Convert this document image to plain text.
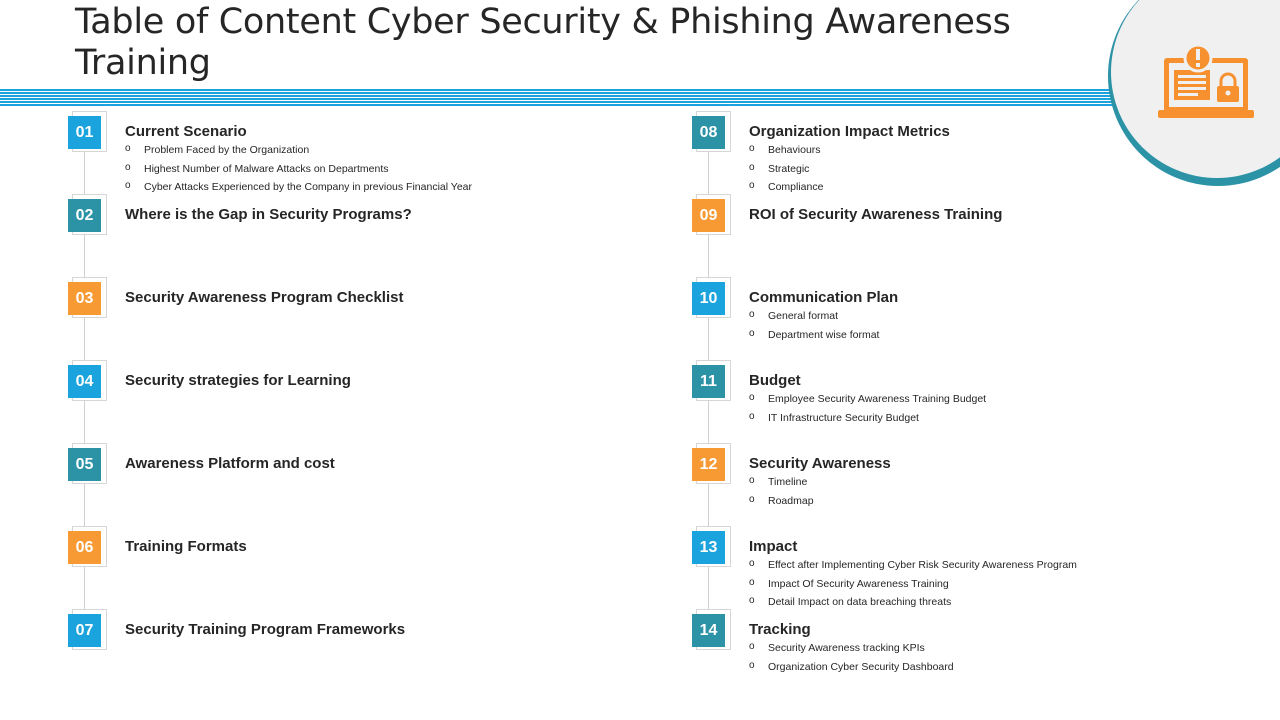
Table of Content Cyber Security & Phishing Awareness Training
01	Current Scenario
o Problem Faced by the Organization
o Highest Number of Malware Attacks on Departments
o Cyber Attacks Experienced by the Company in previous Financial Year
02	Where is the Gap in Security Programs?
03	Security Awareness Program Checklist
04	Security strategies for Learning
05	Awareness Platform and cost
06	Training Formats
07	Security Training Program Frameworks
08	Organization Impact Metrics
o Behaviours
o Strategic
o Compliance
09	ROI of Security Awareness Training
10	Communication Plan
o General format
o Department wise format
11	Budget
o Employee Security Awareness Training Budget
o IT Infrastructure Security Budget
12	Security Awareness
o Timeline
o Roadmap
13	Impact
o Effect after Implementing Cyber Risk Security Awareness Program
o Impact Of Security Awareness Training
o Detail Impact on data breaching threats
14	Tracking
o Security Awareness tracking KPIs
o Organization Cyber Security Dashboard
